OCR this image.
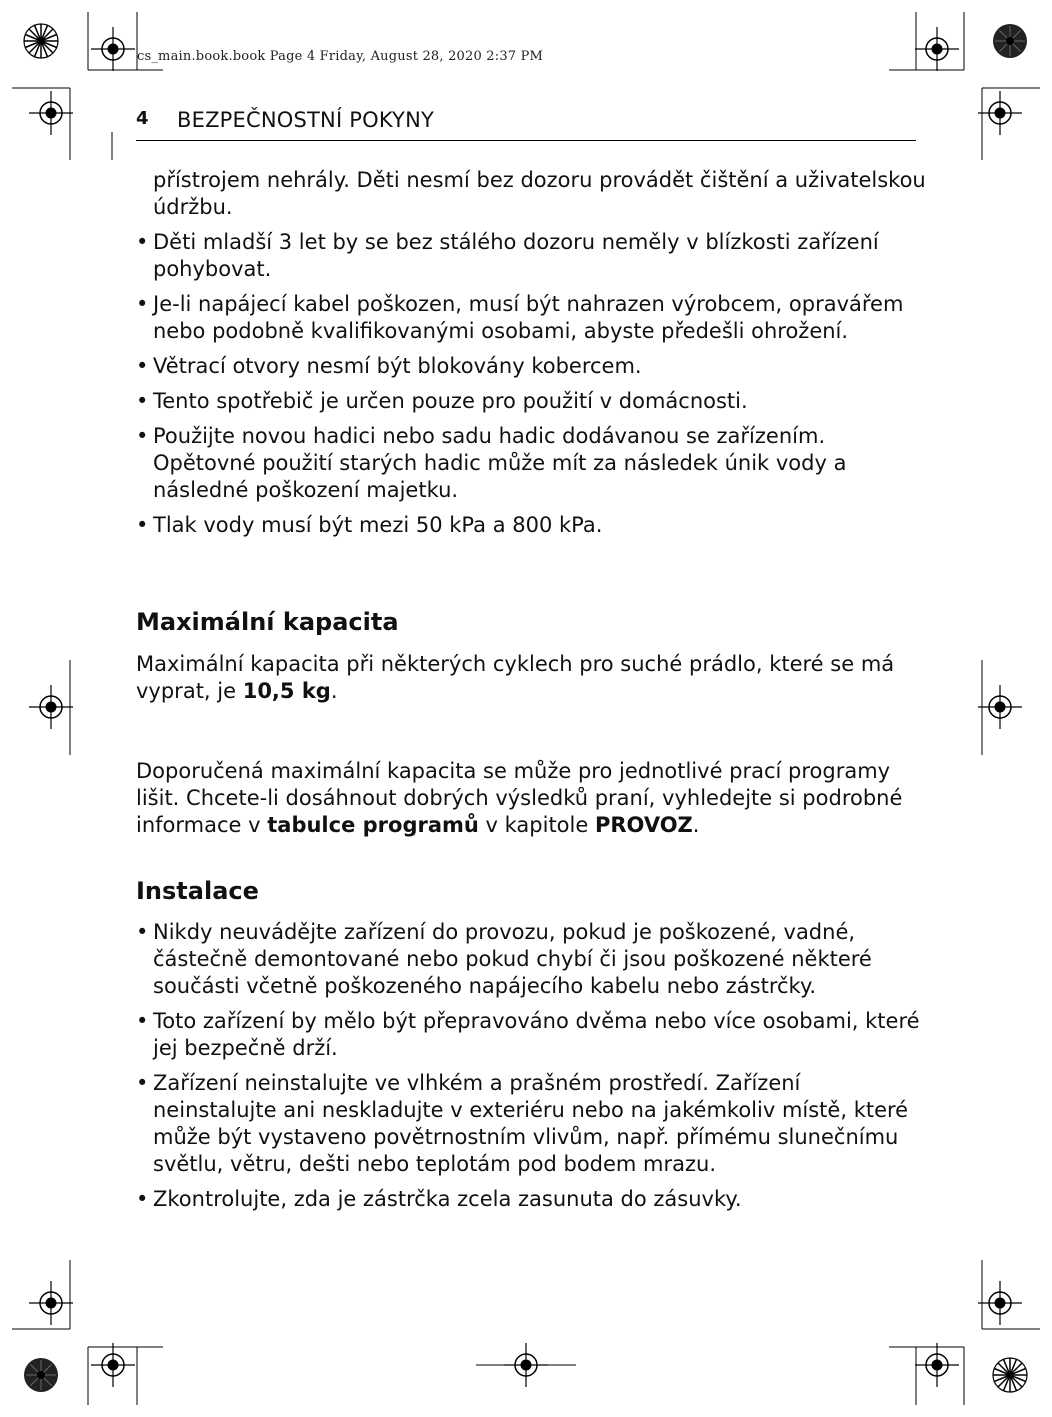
cs_main.book.book Page 4 Friday, August 28, 2020 2:37 PM
4 BEZPEČNOSTNÍ POKYNY

přístrojem nehrály. Děti nesmí bez dozoru provádět čištění a uživatelskou údržbu.

• Děti mladší 3 let by se bez stálého dozoru neměly v blízkosti zařízení pohybovat.
• Je-li napájecí kabel poškozen, musí být nahrazen výrobcem, opravářem nebo podobně kvalifikovanými osobami, abyste předešli ohrožení.
• Větrací otvory nesmí být blokovány kobercem.
• Tento spotřebič je určen pouze pro použití v domácnosti.
• Použijte novou hadici nebo sadu hadic dodávanou se zařízením. Opětovné použití starých hadic může mít za následek únik vody a následné poškození majetku.
• Tlak vody musí být mezi 50 kPa a 800 kPa.
Maximální kapacita

Maximální kapacita při některých cyklech pro suché prádlo, které se má vyprat, je 10,5 kg.

Doporučená maximální kapacita se může pro jednotlivé prací programy lišit. Chcete-li dosáhnout dobrých výsledků praní, vyhledejte si podrobné informace v tabulce programů v kapitole PROVOZ.

Instalace
• Nikdy neuvádějte zařízení do provozu, pokud je poškozené, vadné, částečně demontované nebo pokud chybí či jsou poškozené některé součásti včetně poškozeného napájecího kabelu nebo zástrčky.
• Toto zařízení by mělo být přepravováno dvěma nebo více osobami, které jej bezpečně drží.
• Zařízení neinstalujte ve vlhkém a prašném prostředí. Zařízení neinstalujte ani neskladujte v exteriéru nebo na jakémkoliv místě, které může být vystaveno povětrnostním vlivům, např. přímému slunečnímu světlu, větru, dešti nebo teplotám pod bodem mrazu.
• Zkontrolujte, zda je zástrčka zcela zasunuta do zásuvky.
